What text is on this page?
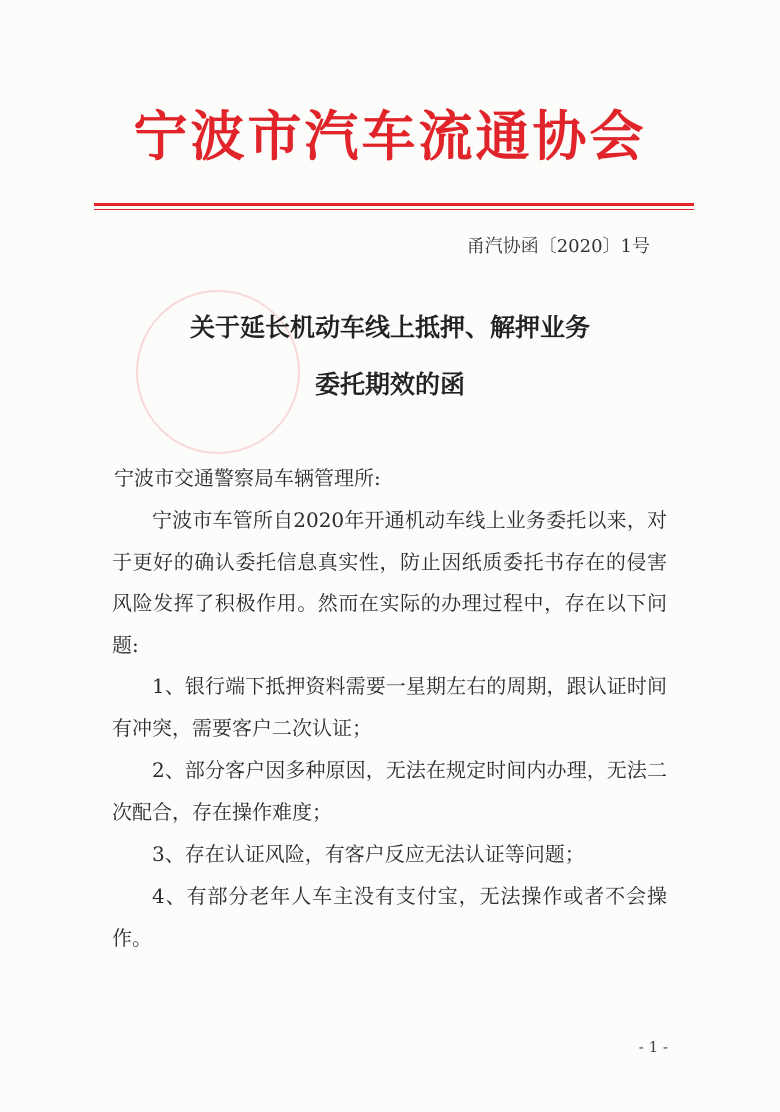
宁波市汽车流通协会
甬汽协函〔2020〕1号
关于延长机动车线上抵押、解押业务
委托期效的函
宁波市交通警察局车辆管理所:

宁波市车管所自2020年开通机动车线上业务委托以来，对于更好的确认委托信息真实性，防止因纸质委托书存在的侵害风险发挥了积极作用。然而在实际的办理过程中，存在以下问题:

1、银行端下抵押资料需要一星期左右的周期，跟认证时间有冲突，需要客户二次认证；

2、部分客户因多种原因，无法在规定时间内办理，无法二次配合，存在操作难度；

3、存在认证风险，有客户反应无法认证等问题；

4、有部分老年人车主没有支付宝，无法操作或者不会操作。

- 1 -
